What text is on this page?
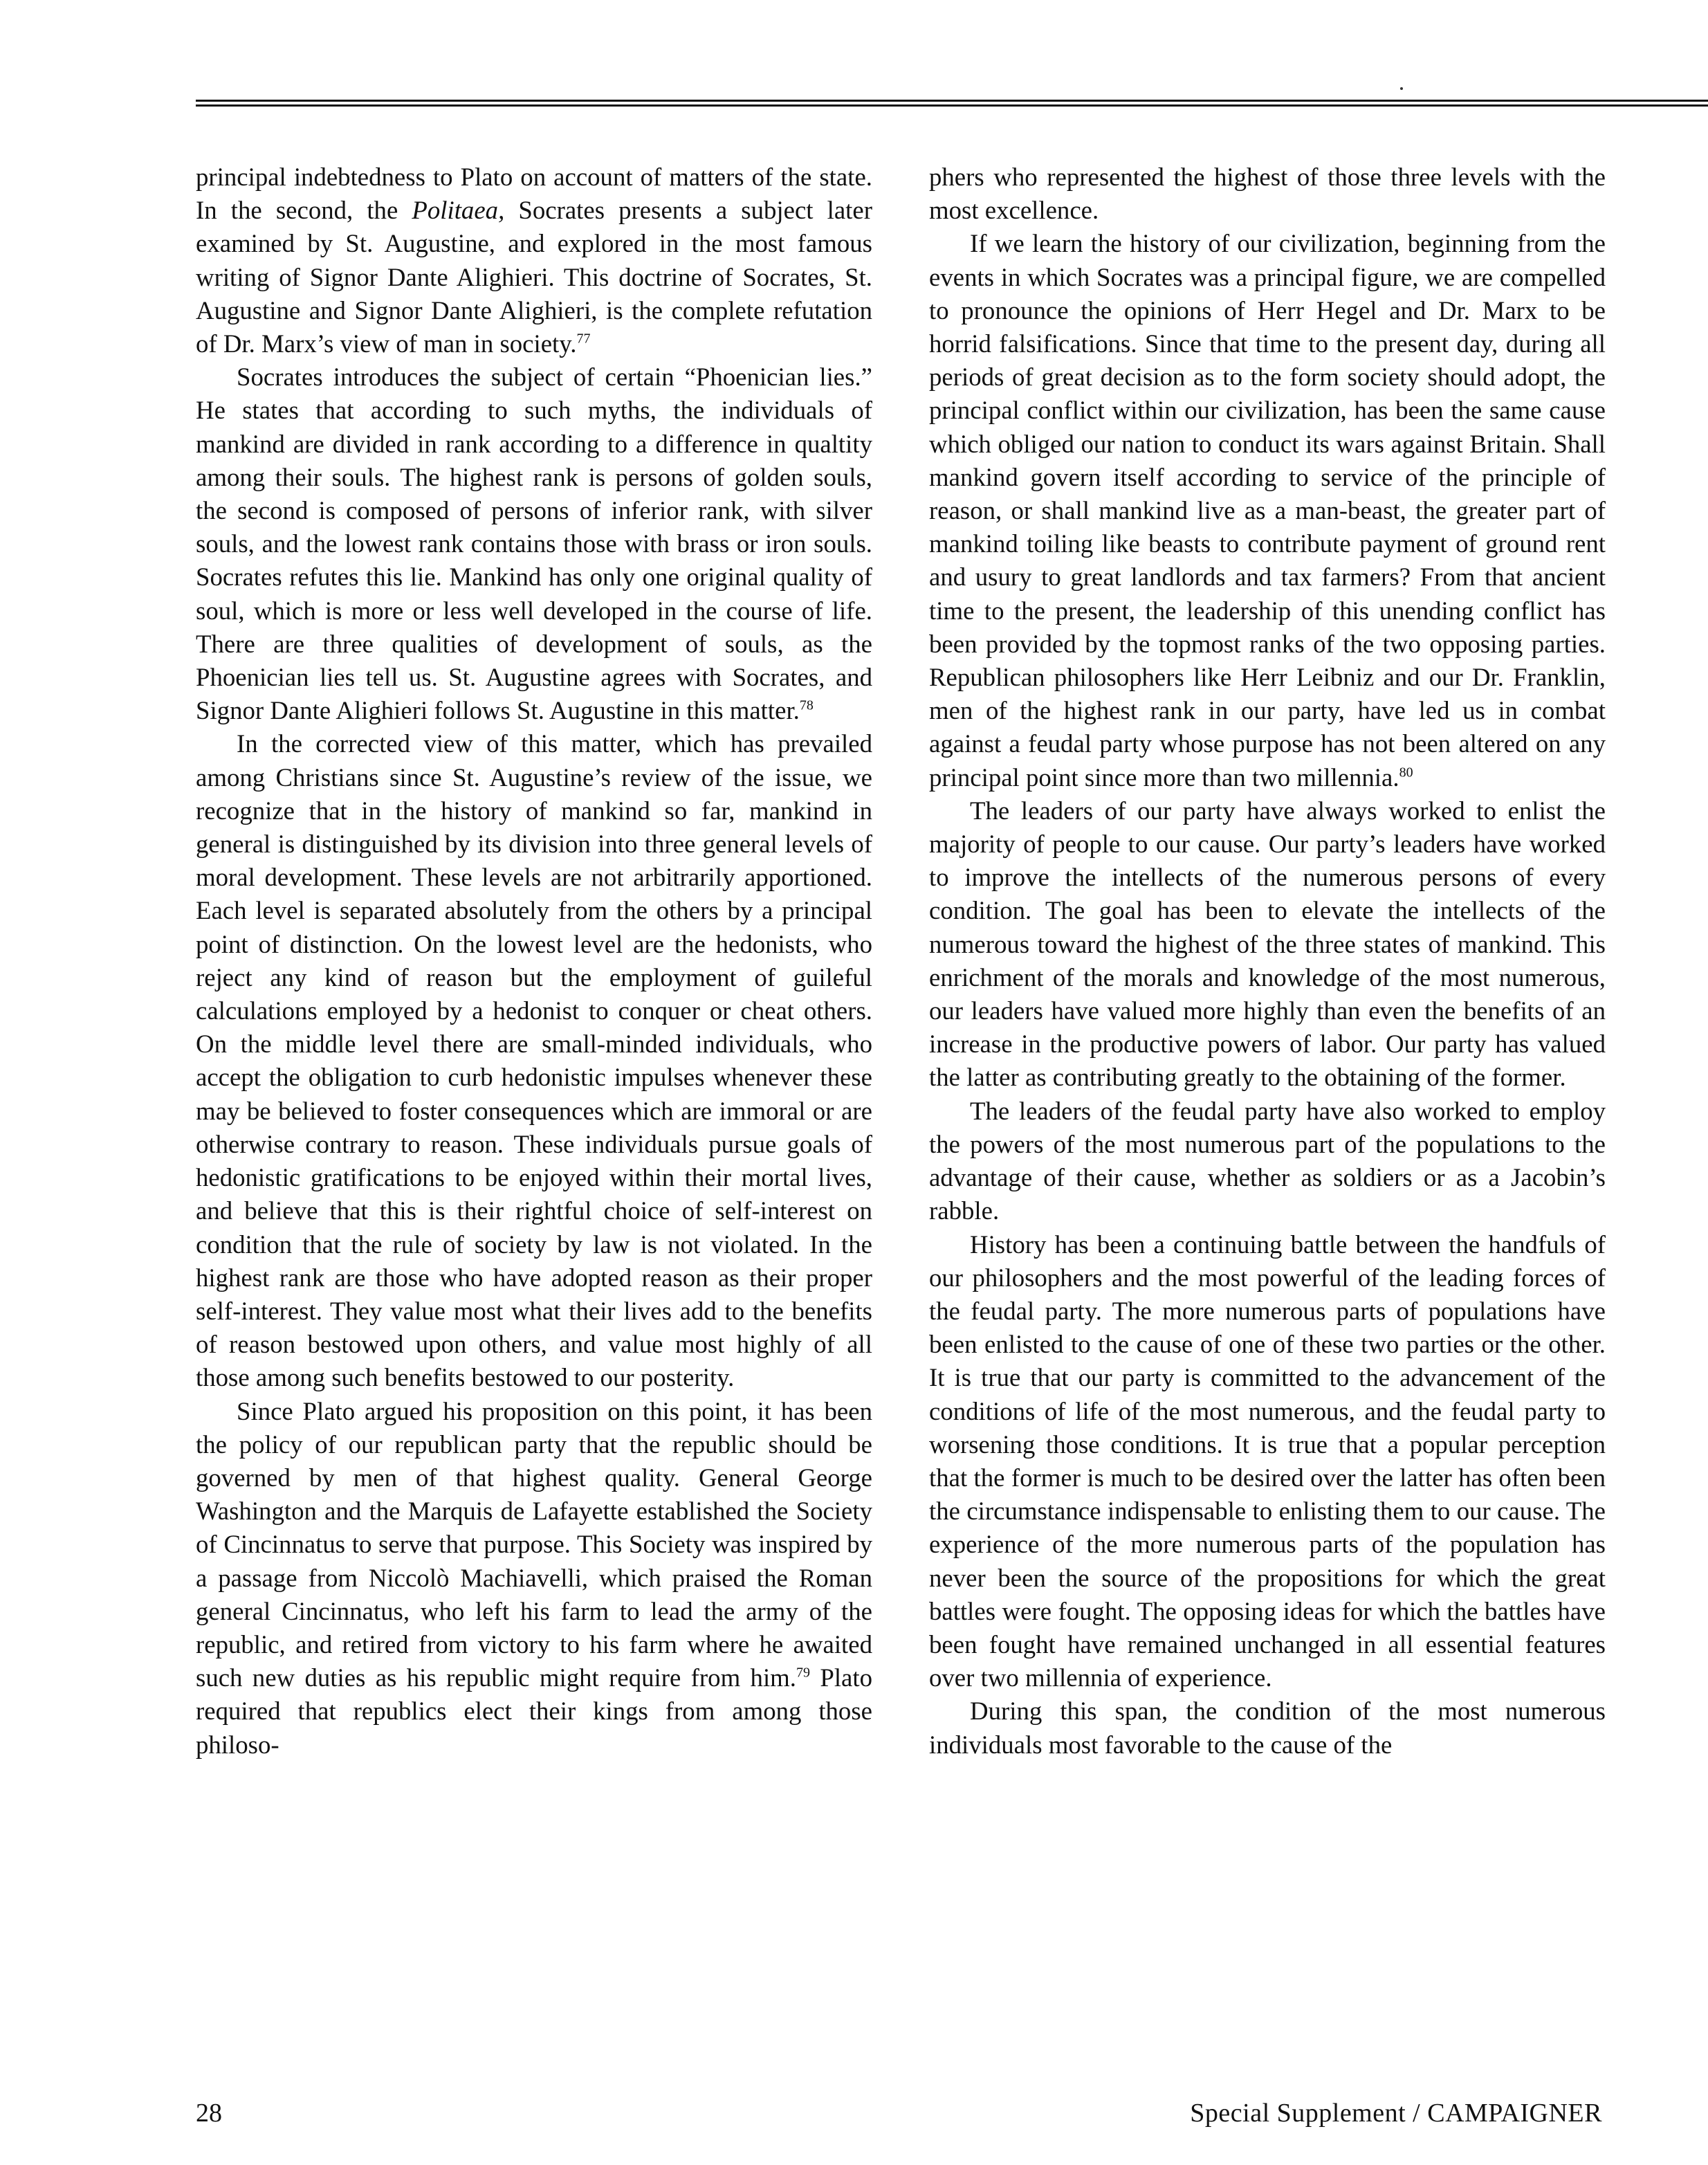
principal indebtedness to Plato on account of matters of the state. In the second, the Politaea, Socrates presents a subject later examined by St. Augustine, and explored in the most famous writing of Signor Dante Alighieri. This doctrine of Socrates, St. Augustine and Signor Dante Alighieri, is the complete refutation of Dr. Marx’s view of man in society.$^{77}$

Socrates introduces the subject of certain “Phoenician lies.” He states that according to such myths, the individuals of mankind are divided in rank according to a difference in qualtity among their souls. The highest rank is persons of golden souls, the second is composed of persons of inferior rank, with silver souls, and the lowest rank contains those with brass or iron souls. Socrates refutes this lie. Mankind has only one original quality of soul, which is more or less well developed in the course of life. There are three qualities of development of souls, as the Phoenician lies tell us. St. Augustine agrees with Socrates, and Signor Dante Alighieri follows St. Augustine in this matter.$^{78}$

In the corrected view of this matter, which has prevailed among Christians since St. Augustine’s review of the issue, we recognize that in the history of mankind so far, mankind in general is distinguished by its division into three general levels of moral development. These levels are not arbitrarily apportioned. Each level is separated absolutely from the others by a principal point of distinction. On the lowest level are the hedonists, who reject any kind of reason but the employment of guileful calculations employed by a hedonist to conquer or cheat others. On the middle level there are small-minded individuals, who accept the obligation to curb hedonistic impulses whenever these may be believed to foster consequences which are immoral or are otherwise contrary to reason. These individuals pursue goals of hedonistic gratifications to be enjoyed within their mortal lives, and believe that this is their rightful choice of self-interest on condition that the rule of society by law is not violated. In the highest rank are those who have adopted reason as their proper self-interest. They value most what their lives add to the benefits of reason bestowed upon others, and value most highly of all those among such benefits bestowed to our posterity.

Since Plato argued his proposition on this point, it has been the policy of our republican party that the republic should be governed by men of that highest quality. General George Washington and the Marquis de Lafayette established the Society of Cincinnatus to serve that purpose. This Society was inspired by a passage from Niccolò Machiavelli, which praised the Roman general Cincinnatus, who left his farm to lead the army of the republic, and retired from victory to his farm where he awaited such new duties as his republic might require from him.$^{79}$ Plato required that republics elect their kings from among those philoso-

phers who represented the highest of those three levels with the most excellence.

If we learn the history of our civilization, beginning from the events in which Socrates was a principal figure, we are compelled to pronounce the opinions of Herr Hegel and Dr. Marx to be horrid falsifications. Since that time to the present day, during all periods of great decision as to the form society should adopt, the principal conflict within our civilization, has been the same cause which obliged our nation to conduct its wars against Britain. Shall mankind govern itself according to service of the principle of reason, or shall mankind live as a man-beast, the greater part of mankind toiling like beasts to contribute payment of ground rent and usury to great landlords and tax farmers? From that ancient time to the present, the leadership of this unending conflict has been provided by the topmost ranks of the two opposing parties. Republican philosophers like Herr Leibniz and our Dr. Franklin, men of the highest rank in our party, have led us in combat against a feudal party whose purpose has not been altered on any principal point since more than two millennia.$^{80}$

The leaders of our party have always worked to enlist the majority of people to our cause. Our party’s leaders have worked to improve the intellects of the numerous persons of every condition. The goal has been to elevate the intellects of the numerous toward the highest of the three states of mankind. This enrichment of the morals and knowledge of the most numerous, our leaders have valued more highly than even the benefits of an increase in the productive powers of labor. Our party has valued the latter as contributing greatly to the obtaining of the former.

The leaders of the feudal party have also worked to employ the powers of the most numerous part of the populations to the advantage of their cause, whether as soldiers or as a Jacobin’s rabble.

History has been a continuing battle between the handfuls of our philosophers and the most powerful of the leading forces of the feudal party. The more numerous parts of populations have been enlisted to the cause of one of these two parties or the other. It is true that our party is committed to the advancement of the conditions of life of the most numerous, and the feudal party to worsening those conditions. It is true that a popular perception that the former is much to be desired over the latter has often been the circumstance indispensable to enlisting them to our cause. The experience of the more numerous parts of the population has never been the source of the propositions for which the great battles were fought. The opposing ideas for which the battles have been fought have remained unchanged in all essential features over two millennia of experience.

During this span, the condition of the most numerous individuals most favorable to the cause of the

28	Special Supplement / CAMPAIGNER
